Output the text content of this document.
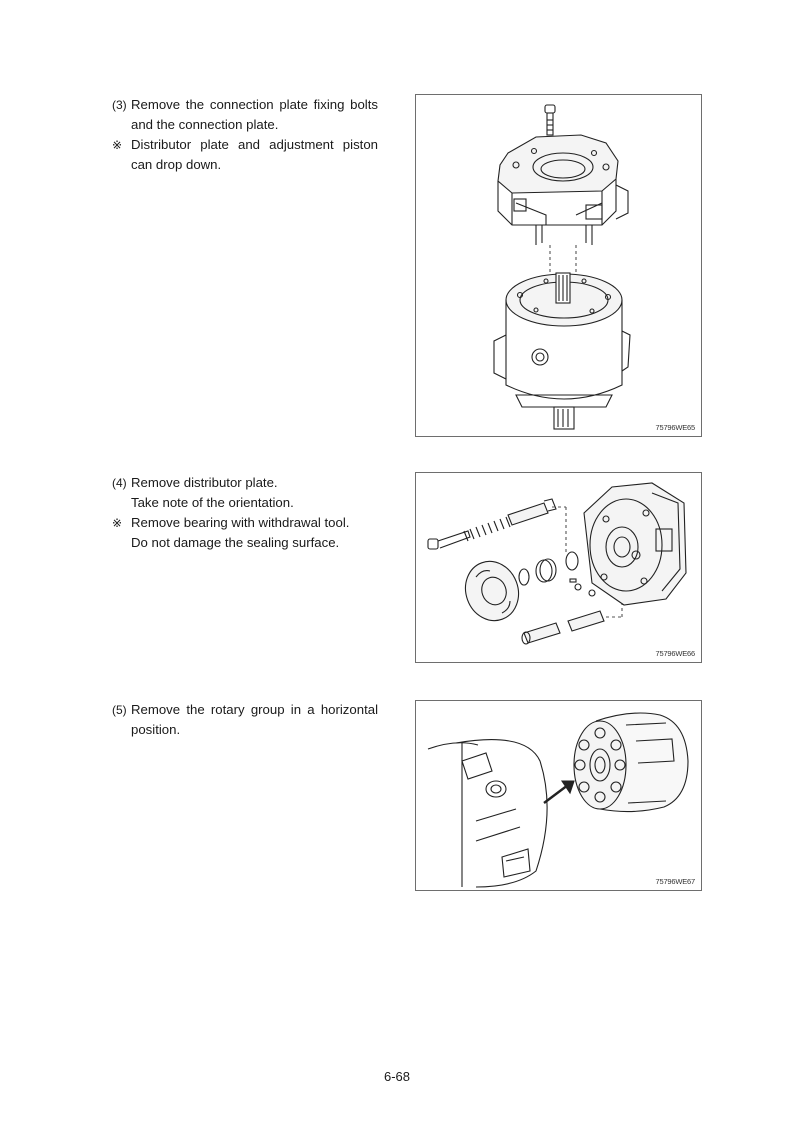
(3) Remove the connection plate fixing bolts
and the connection plate.
※ Distributor plate and adjustment piston
can drop down.
75796WE65
(4) Remove distributor plate.
Take note of the orientation.
※ Remove bearing with withdrawal tool.
Do not damage the sealing surface.
75796WE66
(5) Remove the rotary group in a horizontal
position.
75796WE67
6-68
